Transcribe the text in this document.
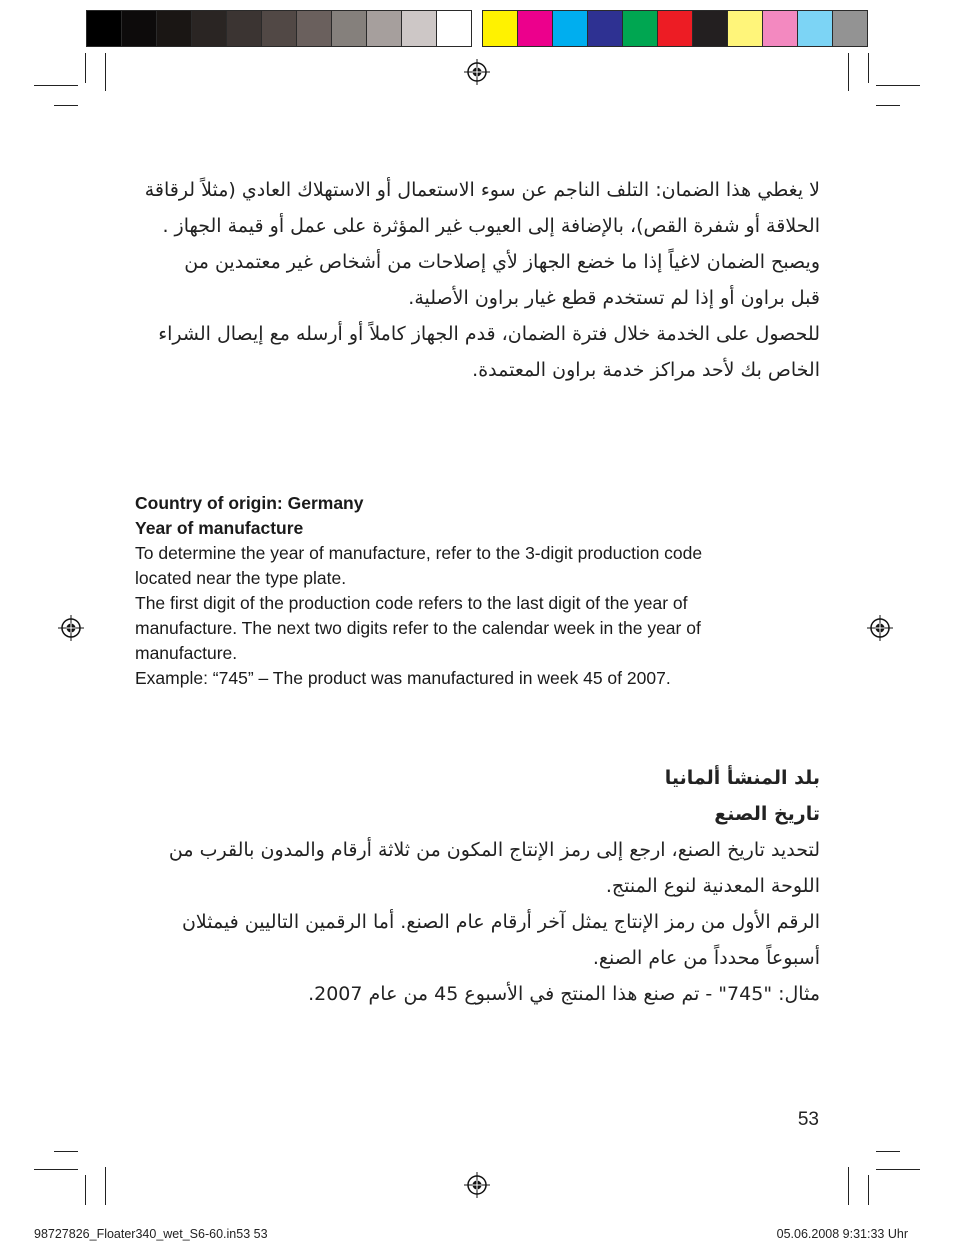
لا يغطي هذا الضمان: التلف الناجم عن سوء الاستعمال أو الاستهلاك العادي (مثلاً لرقاقة

الحلاقة أو شفرة القص)، بالإضافة إلى العيوب غير المؤثرة على عمل أو قيمة الجهاز .

ويصبح الضمان لاغياً إذا ما خضع الجهاز لأي إصلاحات من أشخاص غير معتمدين من

قبل براون أو إذا لم تستخدم قطع غيار براون الأصلية.

للحصول على الخدمة خلال فترة الضمان، قدم الجهاز كاملاً أو أرسله مع إيصال الشراء

الخاص بك لأحد مراكز خدمة براون المعتمدة.

Country of origin: Germany

Year of manufacture

To determine the year of manufacture, refer to the 3-digit production code

located near the type plate.

The first digit of the production code refers to the last digit of the year of

manufacture. The next two digits refer to the calendar week in the year of

manufacture.

Example: “745” – The product was manufactured in week 45 of 2007.

بلد المنشأ ألمانيا

تاريخ الصنع

لتحديد تاريخ الصنع، ارجع إلى رمز الإنتاج المكون من ثلاثة أرقام والمدون بالقرب من

اللوحة المعدنية لنوع المنتج.

الرقم الأول من رمز الإنتاج يمثل آخر أرقام عام الصنع. أما الرقمين التاليين فيمثلان

أسبوعاً محدداً من عام الصنع.

مثال: "745" - تم صنع هذا المنتج في الأسبوع 45 من عام 2007.

53
98727826_Floater340_wet_S6-60.in53 53	05.06.2008 9:31:33 Uhr
